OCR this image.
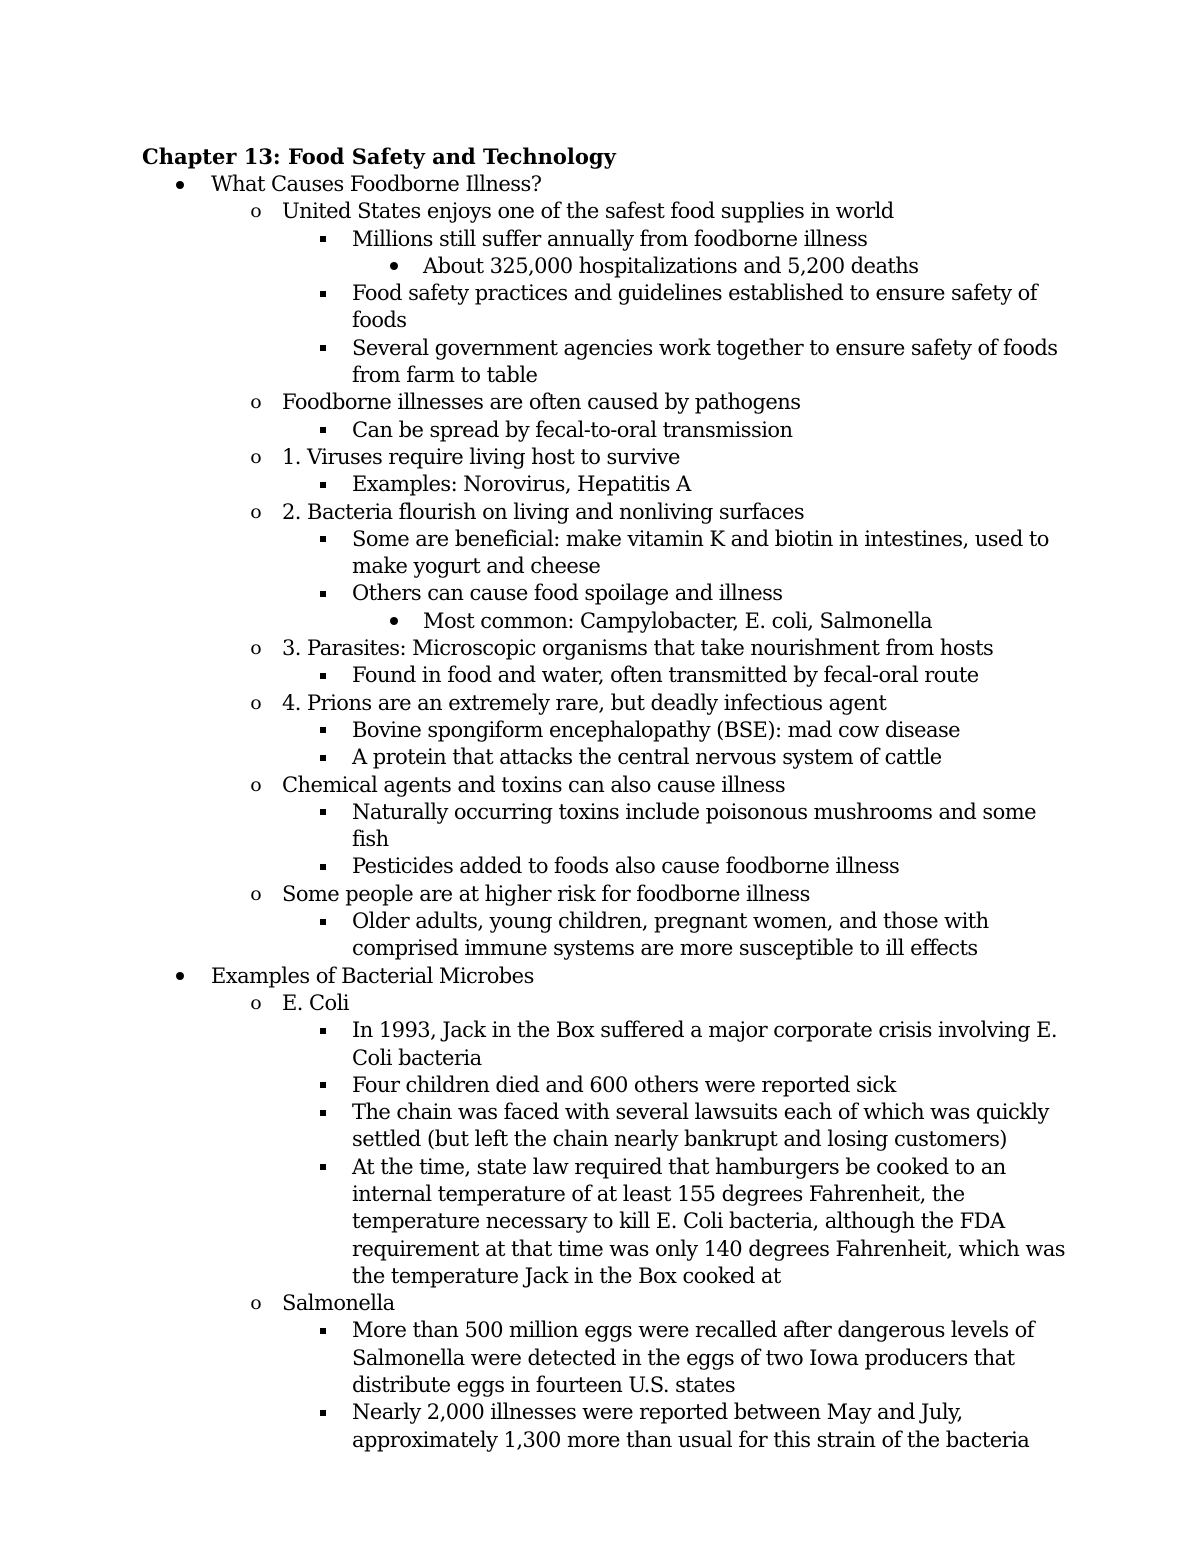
Chapter 13: Food Safety and Technology
What Causes Foodborne Illness?
o United States enjoys one of the safest food supplies in world
Millions still suffer annually from foodborne illness
About 325,000 hospitalizations and 5,200 deaths
Food safety practices and guidelines established to ensure safety of foods
Several government agencies work together to ensure safety of foods from farm to table
o Foodborne illnesses are often caused by pathogens
Can be spread by fecal-to-oral transmission
o 1. Viruses require living host to survive
Examples: Norovirus, Hepatitis A
o 2. Bacteria flourish on living and nonliving surfaces
Some are beneficial: make vitamin K and biotin in intestines, used to make yogurt and cheese
Others can cause food spoilage and illness
Most common: Campylobacter, E. coli, Salmonella
o 3. Parasites: Microscopic organisms that take nourishment from hosts
Found in food and water, often transmitted by fecal-oral route
o 4. Prions are an extremely rare, but deadly infectious agent
Bovine spongiform encephalopathy (BSE): mad cow disease
A protein that attacks the central nervous system of cattle
o Chemical agents and toxins can also cause illness
Naturally occurring toxins include poisonous mushrooms and some fish
Pesticides added to foods also cause foodborne illness
o Some people are at higher risk for foodborne illness
Older adults, young children, pregnant women, and those with comprised immune systems are more susceptible to ill effects
Examples of Bacterial Microbes
o E. Coli
In 1993, Jack in the Box suffered a major corporate crisis involving E. Coli bacteria
Four children died and 600 others were reported sick
The chain was faced with several lawsuits each of which was quickly settled (but left the chain nearly bankrupt and losing customers)
At the time, state law required that hamburgers be cooked to an internal temperature of at least 155 degrees Fahrenheit, the temperature necessary to kill E. Coli bacteria, although the FDA requirement at that time was only 140 degrees Fahrenheit, which was the temperature Jack in the Box cooked at
o Salmonella
More than 500 million eggs were recalled after dangerous levels of Salmonella were detected in the eggs of two Iowa producers that distribute eggs in fourteen U.S. states
Nearly 2,000 illnesses were reported between May and July, approximately 1,300 more than usual for this strain of the bacteria
